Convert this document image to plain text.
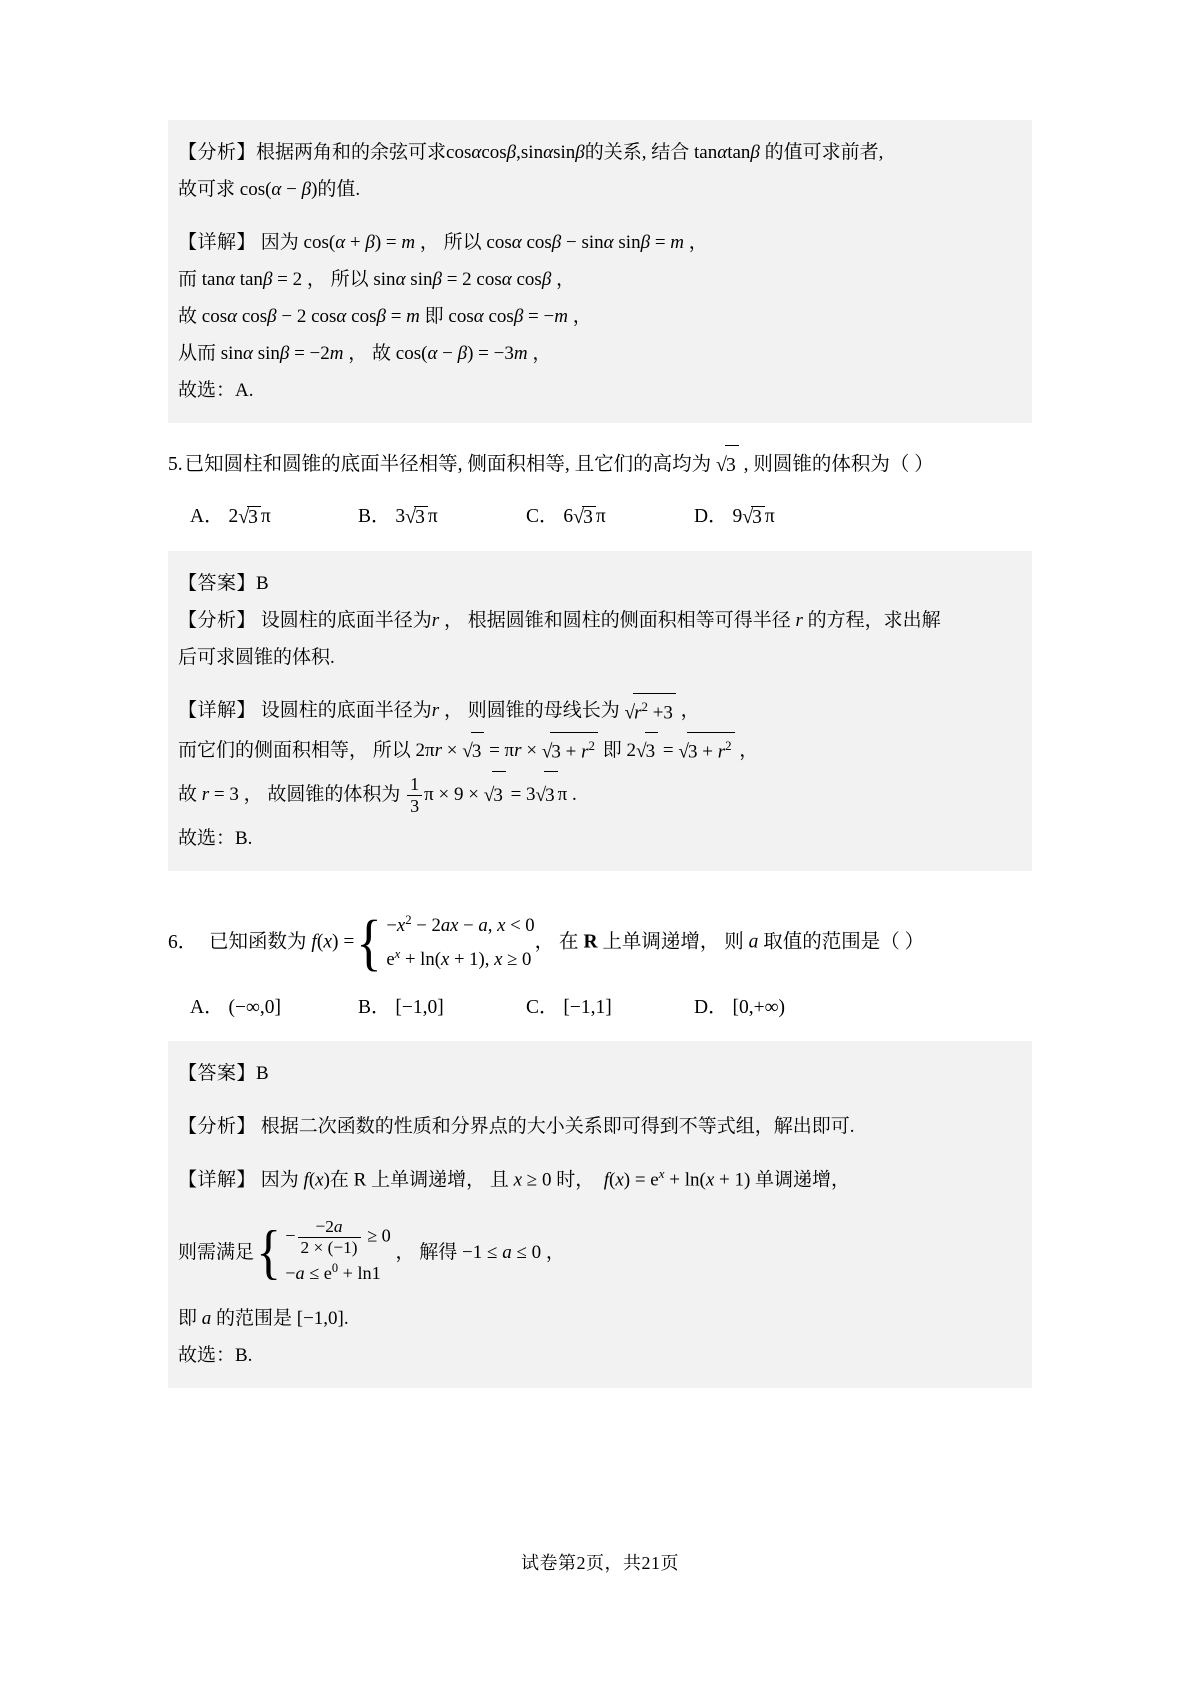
【分析】根据两角和的余弦可求cosαcosβ,sinαsinβ的关系, 结合 tanαtanβ 的值可求前者,
故可求 cos(α − β)的值.
【详解】 因为 cos(α + β) = m ， 所以 cosα cosβ − sinα sinβ = m ，
而 tanα tanβ = 2 ， 所以 sinα sinβ = 2 cosα cosβ ，
故 cosα cosβ − 2 cosα cosβ = m 即 cosα cosβ = −m ，
从而 sinα sinβ = −2m ， 故 cos(α − β) = −3m ，
故选：A.
5. 已知圆柱和圆锥的底面半径相等, 侧面积相等, 且它们的高均为 √3 , 则圆锥的体积为（ ）
A． 2√3 π	B． 3√3 π	C． 6√3 π	D． 9√3 π
【答案】B
【分析】 设圆柱的底面半径为r ， 根据圆锥和圆柱的侧面积相等可得半径 r 的方程，求出解
后可求圆锥的体积.
【详解】 设圆柱的底面半径为r ， 则圆锥的母线长为 $√r^2 +3$ ，
而它们的侧面积相等， 所以 $2\pi r \times √3 = \pi r \times √3 + r^2$ 即 $2√3 = √3 + r^2$ ，
故 r = 3 ， 故圆锥的体积为 $\frac{1}{3}$ π × 9 × √3 = 3√3 π .
故选：B.
6．  已知函数为 f(x) = { $-x^2 - 2ax - a$, x < 0
$e^x + \ln(x + 1)$, x ≥ 0
， 在 R 上单调递增， 则 a 取值的范围是（ ）
A． (−∞,0]	B． [−1,0]	C． [−1,1]	D． [0,+∞)
【答案】B
【分析】 根据二次函数的性质和分界点的大小关系即可得到不等式组，解出即可.
【详解】 因为 f(x)在 R 上单调递增， 且 x ≥ 0 时，  $f(x) = e^x + \ln(x + 1)$ 单调递增，
则需满足 { − $\frac{-2a}{2 \times (-1)} \ge 0$
$-a \le e^0 + \ln 1$
， 解得 −1 ≤ a ≤ 0 ，
即 a 的范围是 [−1,0].
故选：B.
试卷第2页，共21页
